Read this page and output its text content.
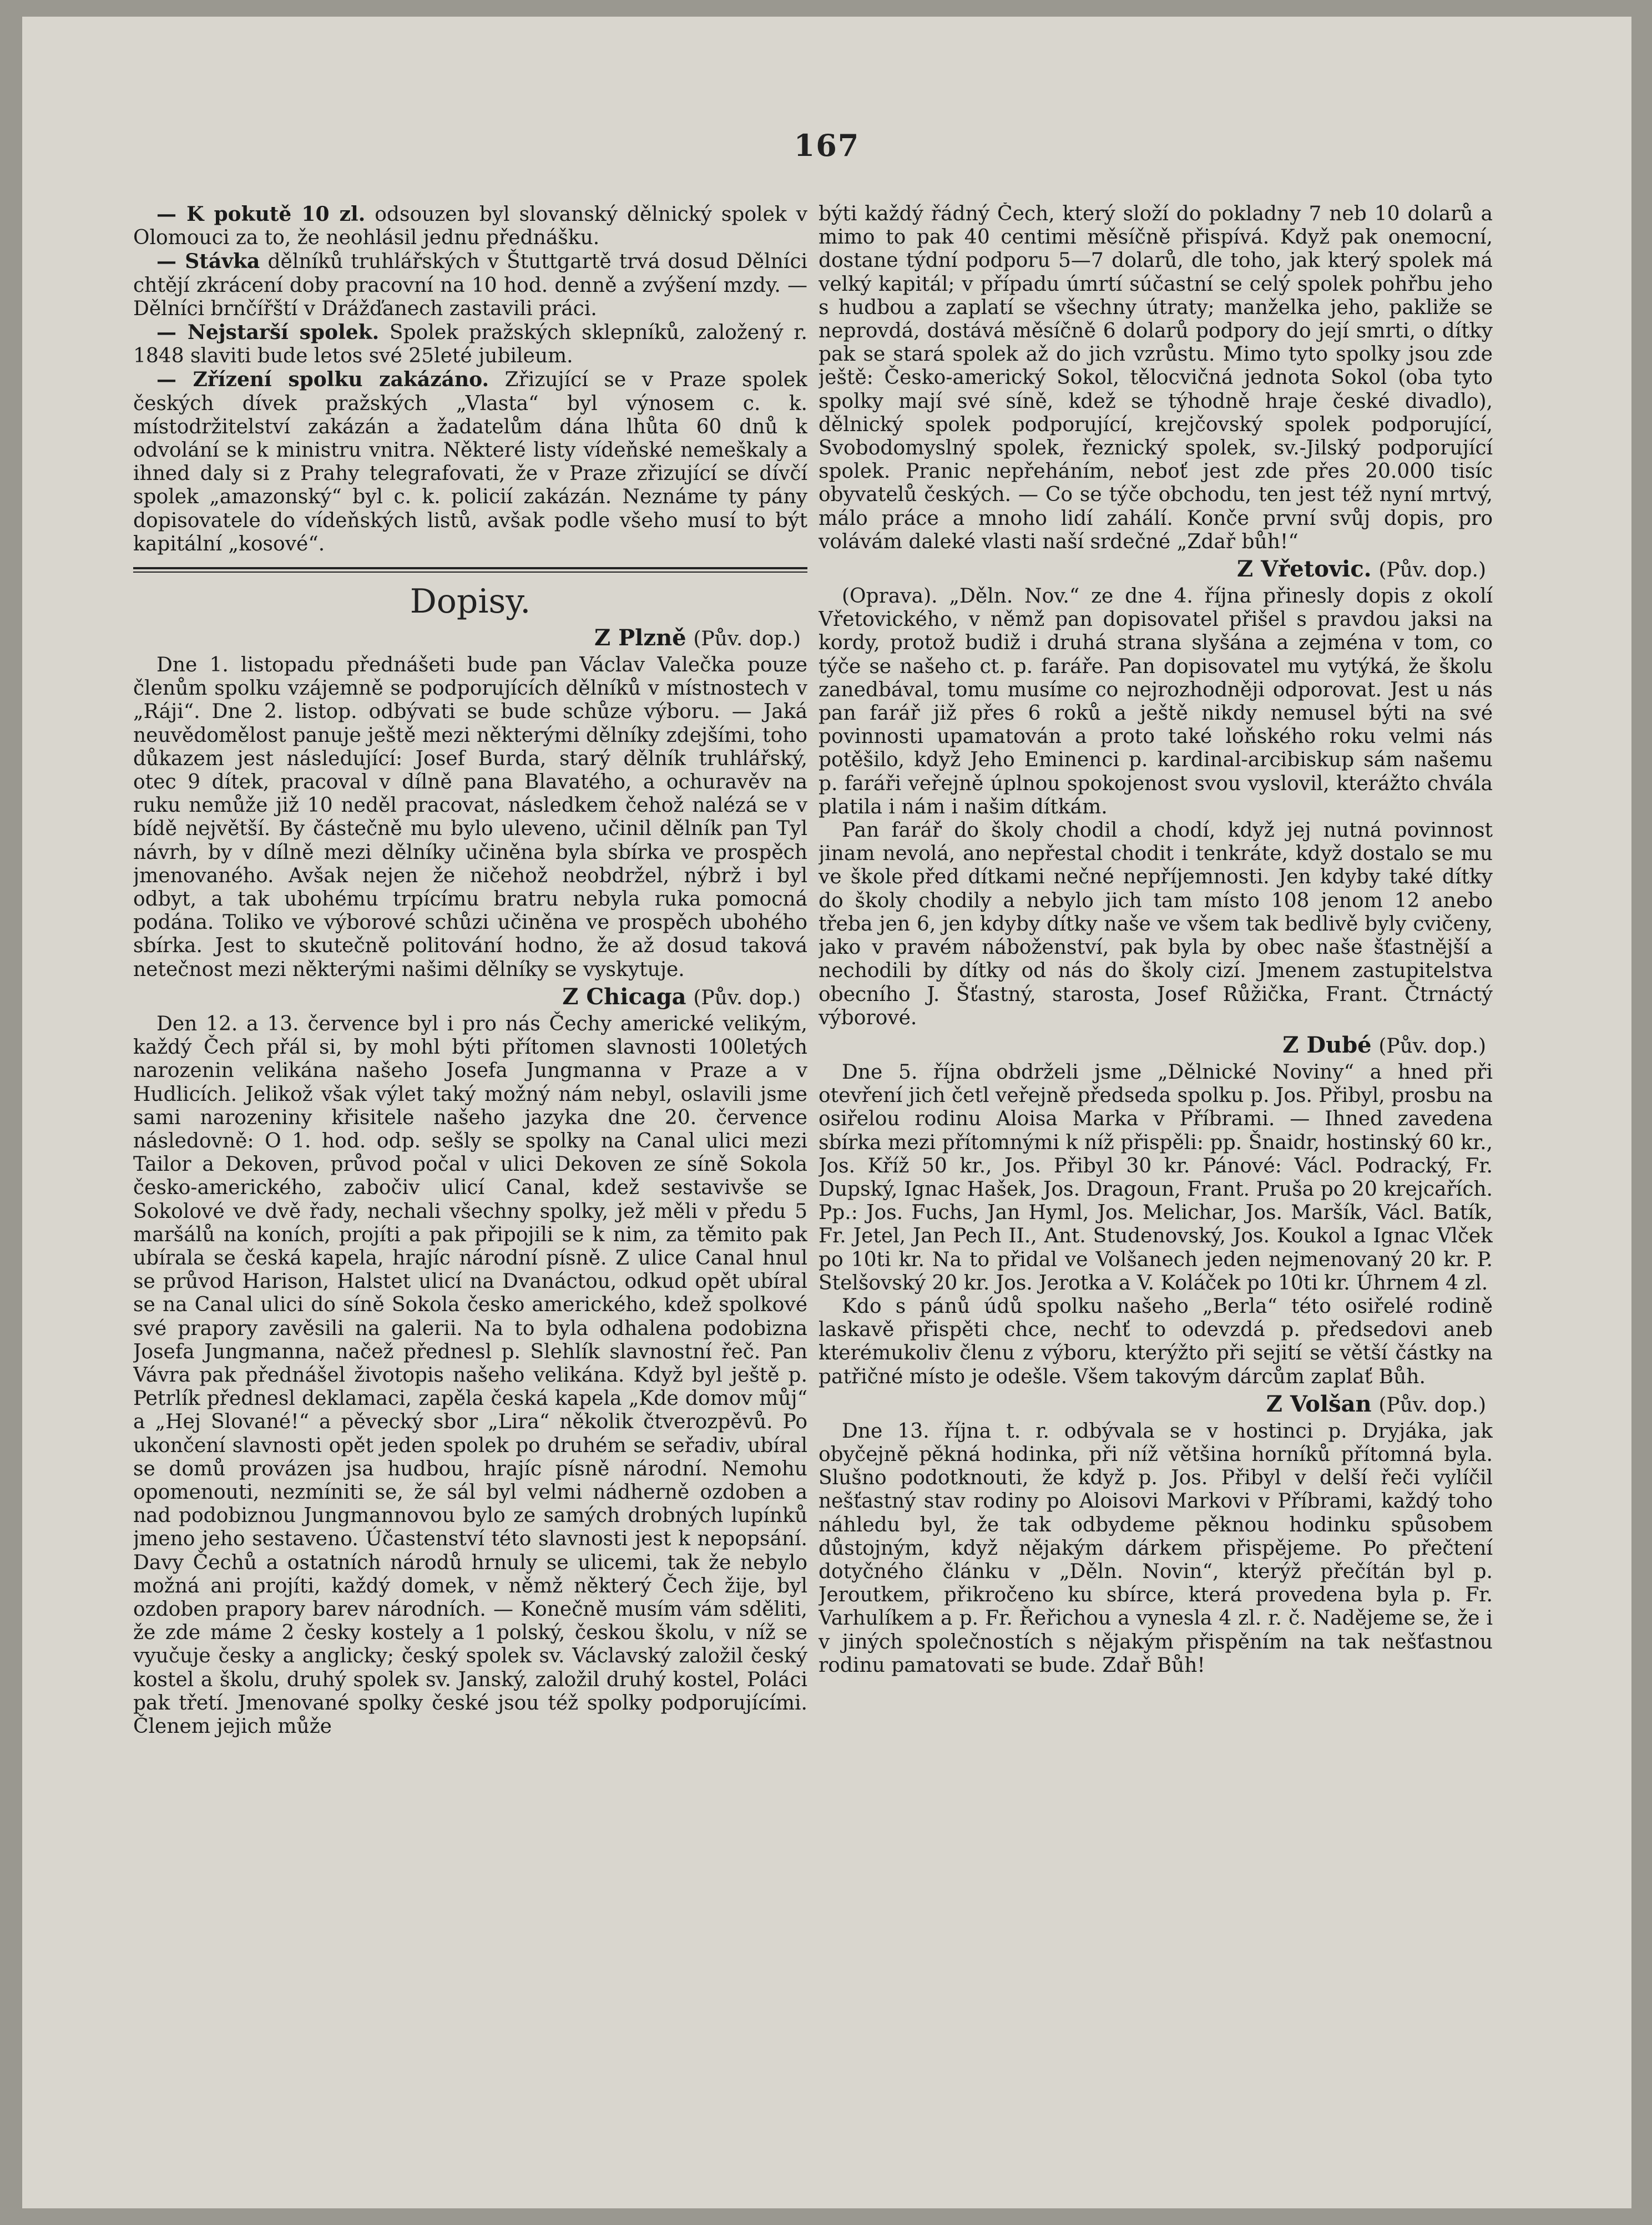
167

— K pokutě 10 zl. odsouzen byl slovanský dělnický spolek v Olomouci za to, že neohlásil jednu přednášku.

— Stávka dělníků truhlářských v Štuttgartě trvá dosud Dělníci chtějí zkrácení doby pracovní na 10 hod. denně a zvýšení mzdy. — Dělníci brnčířští v Drážďanech zastavili práci.

— Nejstarší spolek. Spolek pražských sklepníků, založený r. 1848 slaviti bude letos své 25leté jubileum.

— Zřízení spolku zakázáno. Zřizující se v Praze spolek českých dívek pražských „Vlasta“ byl výnosem c. k. místodržitelství zakázán a žadatelům dána lhůta 60 dnů k odvolání se k ministru vnitra. Některé listy vídeňské nemeškaly a ihned daly si z Prahy telegrafovati, že v Praze zřizující se dívčí spolek „amazonský“ byl c. k. policií zakázán. Neznáme ty pány dopisovatele do vídeňských listů, avšak podle všeho musí to být kapitální „kosové“.

Dopisy.
Z Plzně (Pův. dop.)

Dne 1. listopadu přednášeti bude pan Václav Valečka pouze členům spolku vzájemně se podporujících dělníků v místnostech v „Ráji“. Dne 2. listop. odbývati se bude schůze výboru. — Jaká neuvědomělost panuje ještě mezi některými dělníky zdejšími, toho důkazem jest následující: Josef Burda, starý dělník truhlářský, otec 9 dítek, pracoval v dílně pana Blavatého, a ochuravěv na ruku nemůže již 10 neděl pracovat, následkem čehož nalézá se v bídě největší. By částečně mu bylo uleveno, učinil dělník pan Tyl návrh, by v dílně mezi dělníky učiněna byla sbírka ve prospěch jmenovaného. Avšak nejen že ničehož neobdržel, nýbrž i byl odbyt, a tak ubohému trpícímu bratru nebyla ruka pomocná podána. Toliko ve výborové schůzi učiněna ve prospěch ubohého sbírka. Jest to skutečně politování hodno, že až dosud taková netečnost mezi některými našimi dělníky se vyskytuje.

Z Chicaga (Pův. dop.)

Den 12. a 13. července byl i pro nás Čechy americké velikým, každý Čech přál si, by mohl býti přítomen slavnosti 100letých narozenin velikána našeho Josefa Jungmanna v Praze a v Hudlicích. Jelikož však výlet taký možný nám nebyl, oslavili jsme sami narozeniny křisitele našeho jazyka dne 20. července následovně: O 1. hod. odp. sešly se spolky na Canal ulici mezi Tailor a Dekoven, průvod počal v ulici Dekoven ze síně Sokola česko-amerického, zabočiv ulicí Canal, kdež sestavivše se Sokolové ve dvě řady, nechali všechny spolky, jež měli v předu 5 maršálů na koních, projíti a pak připojili se k nim, za těmito pak ubírala se česká kapela, hrajíc národní písně. Z ulice Canal hnul se průvod Harison, Halstet ulicí na Dvanáctou, odkud opět ubíral se na Canal ulici do síně Sokola česko amerického, kdež spolkové své prapory zavěsili na galerii. Na to byla odhalena podobizna Josefa Jungmanna, načež přednesl p. Slehlík slavnostní řeč. Pan Vávra pak přednášel životopis našeho velikána. Když byl ještě p. Petrlík přednesl deklamaci, zapěla česká kapela „Kde domov můj“ a „Hej Slované!“ a pěvecký sbor „Lira“ několik čtverozpěvů. Po ukončení slavnosti opět jeden spolek po druhém se seřadiv, ubíral se domů provázen jsa hudbou, hrajíc písně národní. Nemohu opomenouti, nezmíniti se, že sál byl velmi nádherně ozdoben a nad podobiznou Jungmannovou bylo ze samých drobných lupínků jmeno jeho sestaveno. Účastenství této slavnosti jest k nepopsání. Davy Čechů a ostatních národů hrnuly se ulicemi, tak že nebylo možná ani projíti, každý domek, v němž některý Čech žije, byl ozdoben prapory barev národních. — Konečně musím vám sděliti, že zde máme 2 česky kostely a 1 polský, českou školu, v níž se vyučuje česky a anglicky; český spolek sv. Václavský založil český kostel a školu, druhý spolek sv. Janský, založil druhý kostel, Poláci pak třetí. Jmenované spolky české jsou též spolky podporujícími. Členem jejich může

býti každý řádný Čech, který složí do pokladny 7 neb 10 dolarů a mimo to pak 40 centimi měsíčně přispívá. Když pak onemocní, dostane týdní podporu 5—7 dolarů, dle toho, jak který spolek má velký kapitál; v případu úmrtí súčastní se celý spolek pohřbu jeho s hudbou a zaplatí se všechny útraty; manželka jeho, pakliže se neprovdá, dostává měsíčně 6 dolarů podpory do její smrti, o dítky pak se stará spolek až do jich vzrůstu. Mimo tyto spolky jsou zde ještě: Česko-americký Sokol, tělocvičná jednota Sokol (oba tyto spolky mají své síně, kdež se týhodně hraje české divadlo), dělnický spolek podporující, krejčovský spolek podporující, Svobodomyslný spolek, řeznický spolek, sv.-Jilský podporující spolek. Pranic nepřeháním, neboť jest zde přes 20.000 tisíc obyvatelů českých. — Co se týče obchodu, ten jest též nyní mrtvý, málo práce a mnoho lidí zahálí. Konče první svůj dopis, pro volávám daleké vlasti naší srdečné „Zdař bůh!“

Z Vřetovic. (Pův. dop.)

(Oprava). „Děln. Nov.“ ze dne 4. října přinesly dopis z okolí Vřetovického, v němž pan dopisovatel přišel s pravdou jaksi na kordy, protož budiž i druhá strana slyšána a zejména v tom, co týče se našeho ct. p. faráře. Pan dopisovatel mu vytýká, že školu zanedbával, tomu musíme co nejrozhodněji odporovat. Jest u nás pan farář již přes 6 roků a ještě nikdy nemusel býti na své povinnosti upamatován a proto také loňského roku velmi nás potěšilo, když Jeho Eminenci p. kardinal-arcibiskup sám našemu p. faráři veřejně úplnou spokojenost svou vyslovil, kterážto chvála platila i nám i našim dítkám.

Pan farář do školy chodil a chodí, když jej nutná povinnost jinam nevolá, ano nepřestal chodit i tenkráte, když dostalo se mu ve škole před dítkami nečné nepříjemnosti. Jen kdyby také dítky do školy chodily a nebylo jich tam místo 108 jenom 12 anebo třeba jen 6, jen kdyby dítky naše ve všem tak bedlivě byly cvičeny, jako v pravém náboženství, pak byla by obec naše šťastnější a nechodili by dítky od nás do školy cizí. Jmenem zastupitelstva obecního J. Šťastný, starosta, Josef Růžička, Frant. Čtrnáctý výborové.

Z Dubé (Pův. dop.)

Dne 5. října obdrželi jsme „Dělnické Noviny“ a hned při otevření jich četl veřejně předseda spolku p. Jos. Přibyl, prosbu na osiřelou rodinu Aloisa Marka v Příbrami. — Ihned zavedena sbírka mezi přítomnými k níž přispěli: pp. Šnaidr, hostinský 60 kr., Jos. Kříž 50 kr., Jos. Přibyl 30 kr. Pánové: Václ. Podracký, Fr. Dupský, Ignac Hašek, Jos. Dragoun, Frant. Pruša po 20 krejcařích. Pp.: Jos. Fuchs, Jan Hyml, Jos. Melichar, Jos. Maršík, Václ. Batík, Fr. Jetel, Jan Pech II., Ant. Studenovský, Jos. Koukol a Ignac Vlček po 10ti kr. Na to přidal ve Volšanech jeden nejmenovaný 20 kr. P. Stelšovský 20 kr. Jos. Jerotka a V. Koláček po 10ti kr. Úhrnem 4 zl.

Kdo s pánů údů spolku našeho „Berla“ této osiřelé rodině laskavě přispěti chce, nechť to odevzdá p. předsedovi aneb kterémukoliv členu z výboru, kterýžto při sejití se větší částky na patřičné místo je odešle. Všem takovým dárcům zaplať Bůh.

Z Volšan (Pův. dop.)

Dne 13. října t. r. odbývala se v hostinci p. Dryjáka, jak obyčejně pěkná hodinka, při níž většina horníků přítomná byla. Slušno podotknouti, že když p. Jos. Přibyl v delší řeči vylíčil nešťastný stav rodiny po Aloisovi Markovi v Příbrami, každý toho náhledu byl, že tak odbydeme pěknou hodinku spůsobem důstojným, když nějakým dárkem přispějeme. Po přečtení dotyčného článku v „Děln. Novin“, kterýž přečítán byl p. Jeroutkem, přikročeno ku sbírce, která provedena byla p. Fr. Varhulíkem a p. Fr. Řeřichou a vynesla 4 zl. r. č. Nadějeme se, že i v jiných společnostích s nějakým přispěním na tak nešťastnou rodinu pamatovati se bude. Zdař Bůh!
